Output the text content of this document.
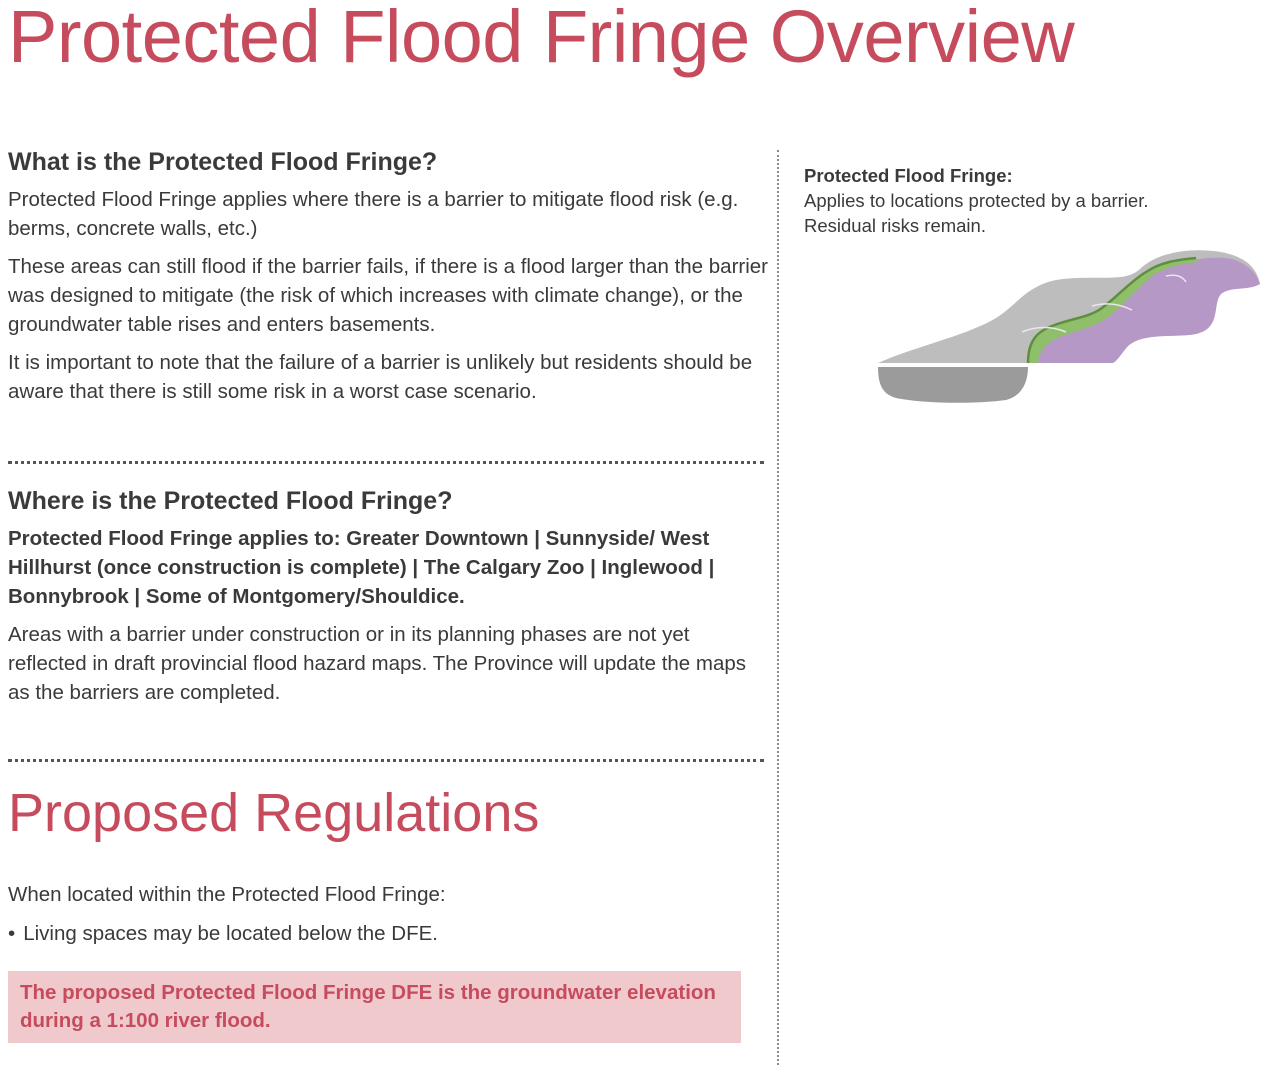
Protected Flood Fringe Overview
What is the Protected Flood Fringe?

Protected Flood Fringe applies where there is a barrier to mitigate flood risk (e.g. berms, concrete walls, etc.)

These areas can still flood if the barrier fails, if there is a flood larger than the barrier was designed to mitigate (the risk of which increases with climate change), or the groundwater table rises and enters basements.

It is important to note that the failure of a barrier is unlikely but residents should be aware that there is still some risk in a worst case scenario.

Where is the Protected Flood Fringe?

Protected Flood Fringe applies to: Greater Downtown | Sunnyside/ West Hillhurst (once construction is complete) | The Calgary Zoo | Inglewood | Bonnybrook | Some of Montgomery/Shouldice.

Areas with a barrier under construction or in its planning phases are not yet reflected in draft provincial flood hazard maps. The Province will update the maps as the barriers are completed.

Proposed Regulations

When located within the Protected Flood Fringe:

• Living spaces may be located below the DFE.

The proposed Protected Flood Fringe DFE is the groundwater elevation during a 1:100 river flood.
Protected Flood Fringe:
Applies to locations protected by a barrier.
Residual risks remain.
